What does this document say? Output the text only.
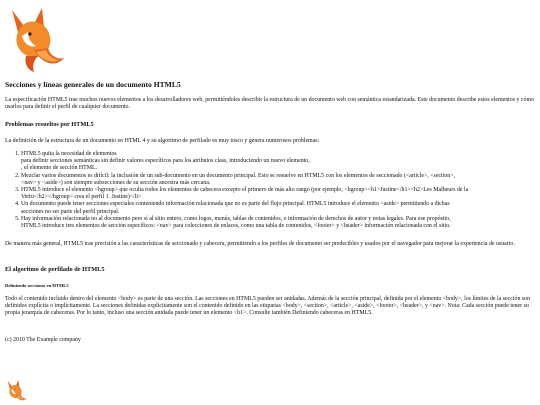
Secciones y líneas generales de un documento HTML5

La especificación HTML5 trae muchos nuevos elementos a los desarrolladores web, permitiéndoles describir la estructura de un documento web con semántica estandarizada. Este documento describe estos elementos y cómo usarlos para definir el perfil de cualquier documento.

Problemas resueltos por HTML5

La definición de la estructura de un documento en HTML 4 y su algoritmo de perfilado es muy tosco y genera numerosos problemas:

1. HTML5 quita la necesidad de elementos
para definir secciones semánticas sin definir valores específicos para los atributos class, introduciendo un nuevo elemento,
, el elemento de sección HTML.
2. Mezclar varios documentos es difícil: la inclusión de un sub-documento en un documento principal. Esto se resuelve en HTML5 con los elementos de seccionado (<article>, <section>,
<nav> y <aside>) son siempre subsecciones de su sección ancestra más cercana.
3. HTML5 introduce el elemento <hgroup> que oculta todos los elementos de cabecera excepto el primero de más alto rango (por ejemplo, <hgroup><h1>Justine</h1><h2>Les Malheurs de la
Vertu</h2></hgroup> crea el perfil 1. Justine)</li>
4. Un documento puede tener secciones especiales conteniendo información relacionada que no es parte del flujo principal. HTML5 introduce el elemento <aside> permitiendo a dichas
secciones no ser parte del perfil principal.
5. Hay información relacionada no al documento pero sí al sitio entero, como logos, menús, tablas de contenidos, o información de derechos de autor y notas legales. Para ese propósito,
HTML5 introduce tres elementos de sección específicos: <nav> para colecciones de enlaces, como una tabla de contenidos, <footer> y <header> información relacionada con el sitio.

De manera más general, HTML5 trae precisión a las características de seccionado y cabecera, permitiendo a los perfiles de documento ser predecibles y usados por el navegador para mejorar la experiencia de usuario.

El algoritmo de perfilado de HTML5
Definiendo secciones en HTML5

Todo el contenido incluido dentro del elemento <body> es parte de una sección. Las secciones en HTML5 pueden ser anidadas. Además de la sección principal, definida por el elemento <body>, los límites de la sección son definidos explícita o implícitamente. La secciones definidas explícitamente son el contenido definido en las etiquetas <body>, <section>, <article>, <aside>, <footer>, <header>, y <nav>. Nota: Cada sección puede tener su propia jerarquía de cabeceras. Por lo tanto, incluso una sección anidada puede tener un elemento <h1>. Consulte también Definiendo cabeceras en HTML5.

(c) 2010 The Example company
